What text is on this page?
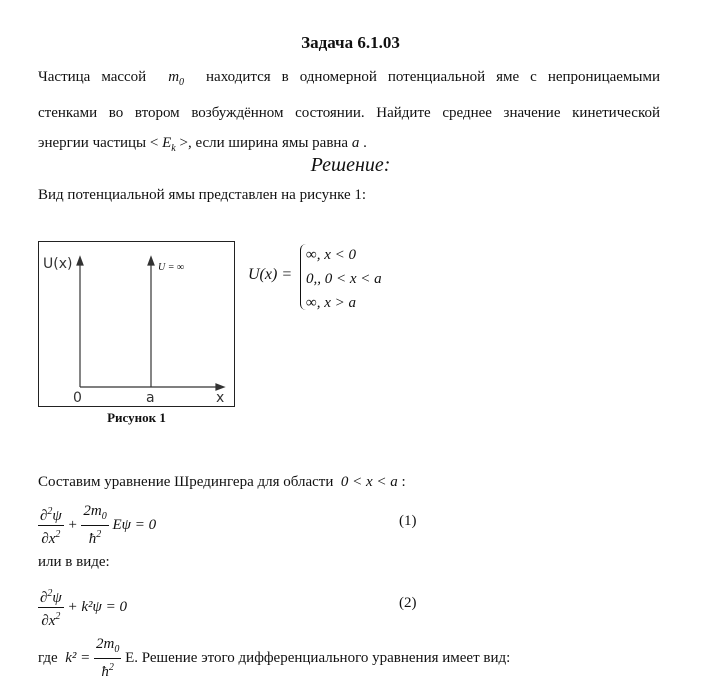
Задача 6.1.03
Частица массой $m_0$ находится в одномерной потенциальной яме с непроницаемыми
стенками во втором возбуждённом состоянии. Найдите среднее значение кинетической
энергии частицы < $E_k$ >, если ширина ямы равна a .
Решение:
Вид потенциальной ямы представлен на рисунке 1:
U(x)	U = ∞
0	a	x
Рисунок 1
U(x) =
∞, x < 0
0,, 0 < x < a
∞, x > a
Составим уравнение Шредингера для области 0 < x < a :
$\frac{\partial^2\psi}{\partial x^2} + \frac{2m_0}{ħ^2}$ Eψ = 0	(1)
или в виде:
$\frac{\partial^2\psi}{\partial x^2} + k^2\psi = 0$	(2)
где $k^2 = \frac{2m_0}{ħ^2} E$. Решение этого дифференциального уравнения имеет вид:
